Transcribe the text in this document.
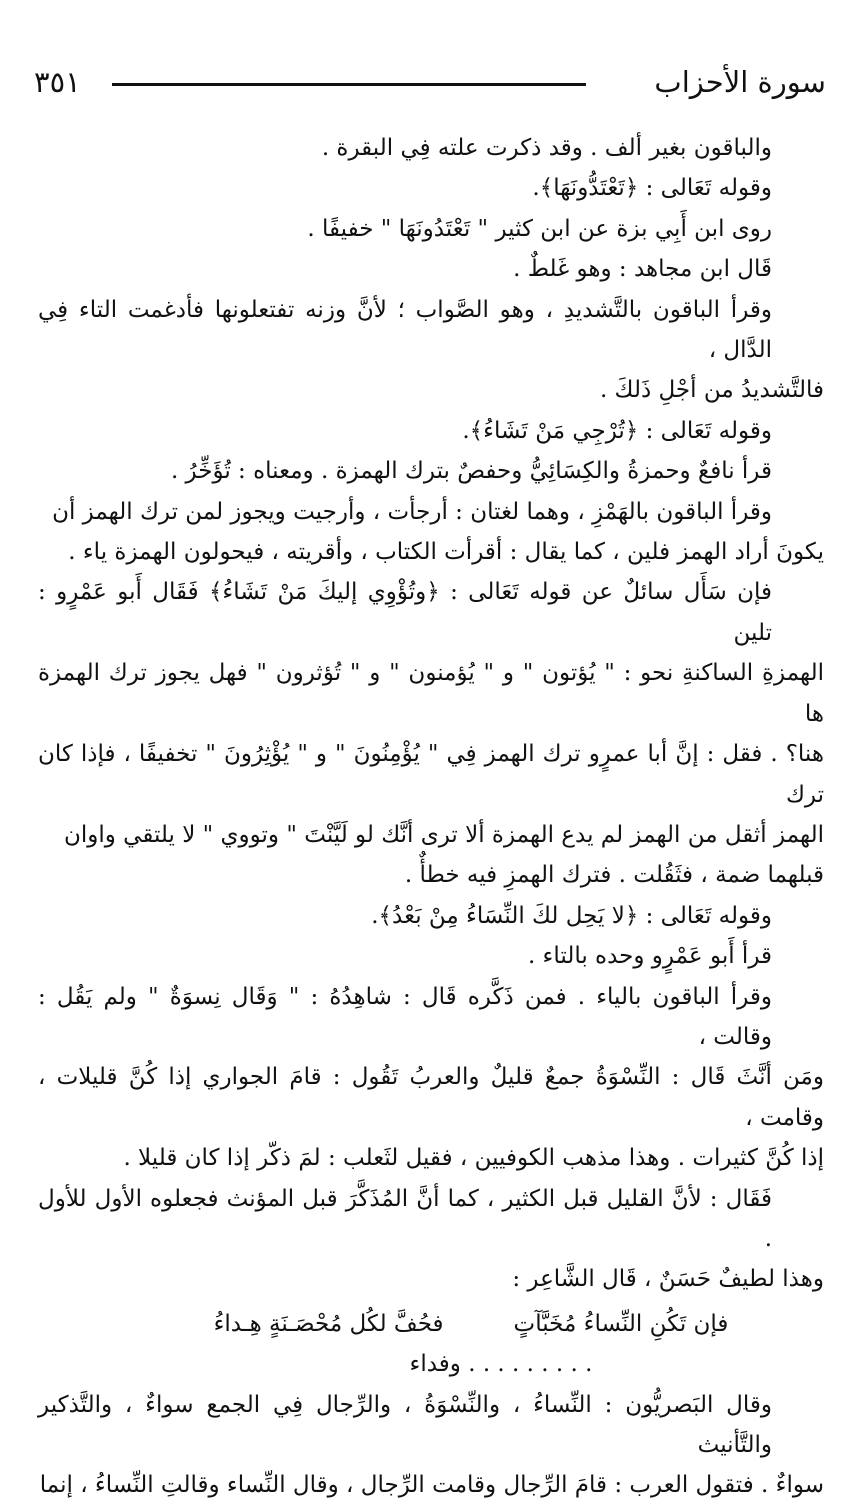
٣٥١	سورة الأحزاب

والباقون بغير ألف . وقد ذكرت علته فِي البقرة .

وقوله تَعَالى : ﴿تَعْتَدُّونَهَا﴾.

روى ابن أَبِي بزة عن ابن كثير " تَعْتَدُونَهَا " خفيفًا .

قَال ابن مجاهد : وهو غَلطٌ .

وقرأ الباقون بالتَّشديدِ ، وهو الصَّواب ؛ لأنَّ وزنه تفتعلونها فأدغمت التاء فِي الدَّال ،

فالتَّشديدُ من أجْلِ ذَلكَ .

وقوله تَعَالى : ﴿تُرْجِي مَنْ تَشَاءُ﴾.

قرأ نافعٌ وحمزةُ والكِسَائِيُّ وحفصٌ بترك الهمزة . ومعناه : تُؤَخِّرُ .

وقرأ الباقون بالهَمْزِ ، وهما لغتان : أرجأت ، وأرجيت ويجوز لمن ترك الهمز أن

يكونَ أراد الهمز فلين ، كما يقال : أقرأت الكتاب ، وأقريته ، فيحولون الهمزة ياء .

فإن سَأَل سائلٌ عن قوله تَعَالى : ﴿وتُؤْوِي إليكَ مَنْ تَشَاءُ﴾ فَقَال أَبو عَمْرٍو : تلين

الهمزةِ الساكنةِ نحو : " يُؤتون " و " يُؤمنون " و " تُؤثرون " فهل يجوز ترك الهمزة ها

هنا؟ . فقل : إنَّ أبا عمرٍو ترك الهمز فِي " يُؤْمِنُونَ " و " يُؤْثِرُونَ " تخفيفًا ، فإذا كان ترك

الهمز أثقل من الهمز لم يدع الهمزة ألا ترى أنَّك لو لَيَّنْتَ " وتووي " لا يلتقي واوان

قبلهما ضمة ، فثَقُلت . فترك الهمزِ فيه خطأٌ .

وقوله تَعَالى : ﴿لا يَحِل لكَ النِّسَاءُ مِنْ بَعْدُ﴾.

قرأ أَبو عَمْرٍو وحده بالتاء .

وقرأ الباقون بالياء . فمن ذَكَّره قَال : شاهِدُهُ : " وَقَال نِسوَةٌ " ولم يَقُل : وقالت ،

ومَن أنَّثَ قَال : النِّسْوَةُ جمعٌ قليلٌ والعربُ تَقُول : قامَ الجواري إذا كُنَّ قليلات ، وقامت ،

إذا كُنَّ كثيرات . وهذا مذهب الكوفيين ، فقيل لثَعلب : لمَ ذكّر إذا كان قليلا .

فَقَال : لأنَّ القليل قبل الكثير ، كما أنَّ المُذَكَّرَ قبل المؤنث فجعلوه الأول للأول .

وهذا لطيفٌ حَسَنٌ ، قَال الشَّاعِر :

فإن تَكُنِ النِّساءُ مُخَبَّآتٍ
فحُفَّ لكُل مُحْصَـنَةٍ هِـداءُ

. . . . . . . . . وفداء

وقال البَصريُّون : النِّساءُ ، والنِّسْوَةُ ، والرِّجال فِي الجمع سواءٌ ، والتَّذكير والتَّأنيث

سواءٌ . فتقول العرب : قامَ الرِّجال وقامت الرِّجال ، وقال النِّساء وقالتِ النِّساءُ ، إنما
